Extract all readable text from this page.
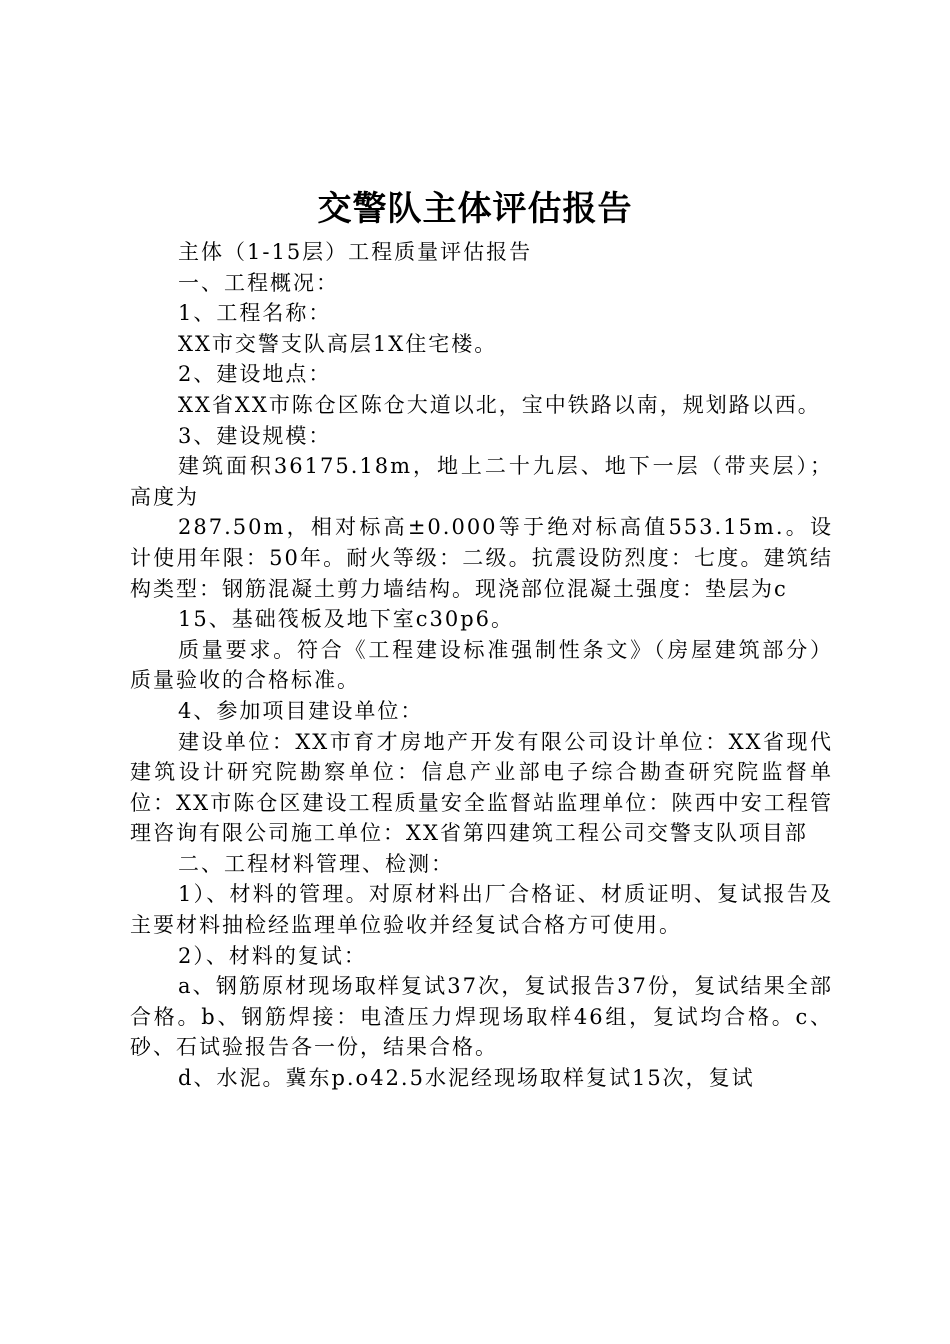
交警队主体评估报告

主体（1-15层）工程质量评估报告

一、工程概况：

1、工程名称：

XX市交警支队高层1X住宅楼。

2、建设地点：

XX省XX市陈仓区陈仓大道以北，宝中铁路以南，规划路以西。

3、建设规模：

建筑面积36175.18m，地上二十九层、地下一层（带夹层）；高度为

287.50m，相对标高±0.000等于绝对标高值553.15m.。设计使用年限：50年。耐火等级：二级。抗震设防烈度：七度。建筑结构类型：钢筋混凝土剪力墙结构。现浇部位混凝土强度：垫层为c

15、基础筏板及地下室c30p6。

质量要求。符合《工程建设标准强制性条文》（房屋建筑部分）质量验收的合格标准。

4、参加项目建设单位：

建设单位：XX市育才房地产开发有限公司设计单位：XX省现代建筑设计研究院勘察单位：信息产业部电子综合勘查研究院监督单位：XX市陈仓区建设工程质量安全监督站监理单位：陕西中安工程管理咨询有限公司施工单位：XX省第四建筑工程公司交警支队项目部

二、工程材料管理、检测：

1）、材料的管理。对原材料出厂合格证、材质证明、复试报告及主要材料抽检经监理单位验收并经复试合格方可使用。

2）、材料的复试：

a、钢筋原材现场取样复试37次，复试报告37份，复试结果全部合格。b、钢筋焊接：电渣压力焊现场取样46组，复试均合格。c、砂、石试验报告各一份，结果合格。

d、水泥。冀东p.o42.5水泥经现场取样复试15次，复试
